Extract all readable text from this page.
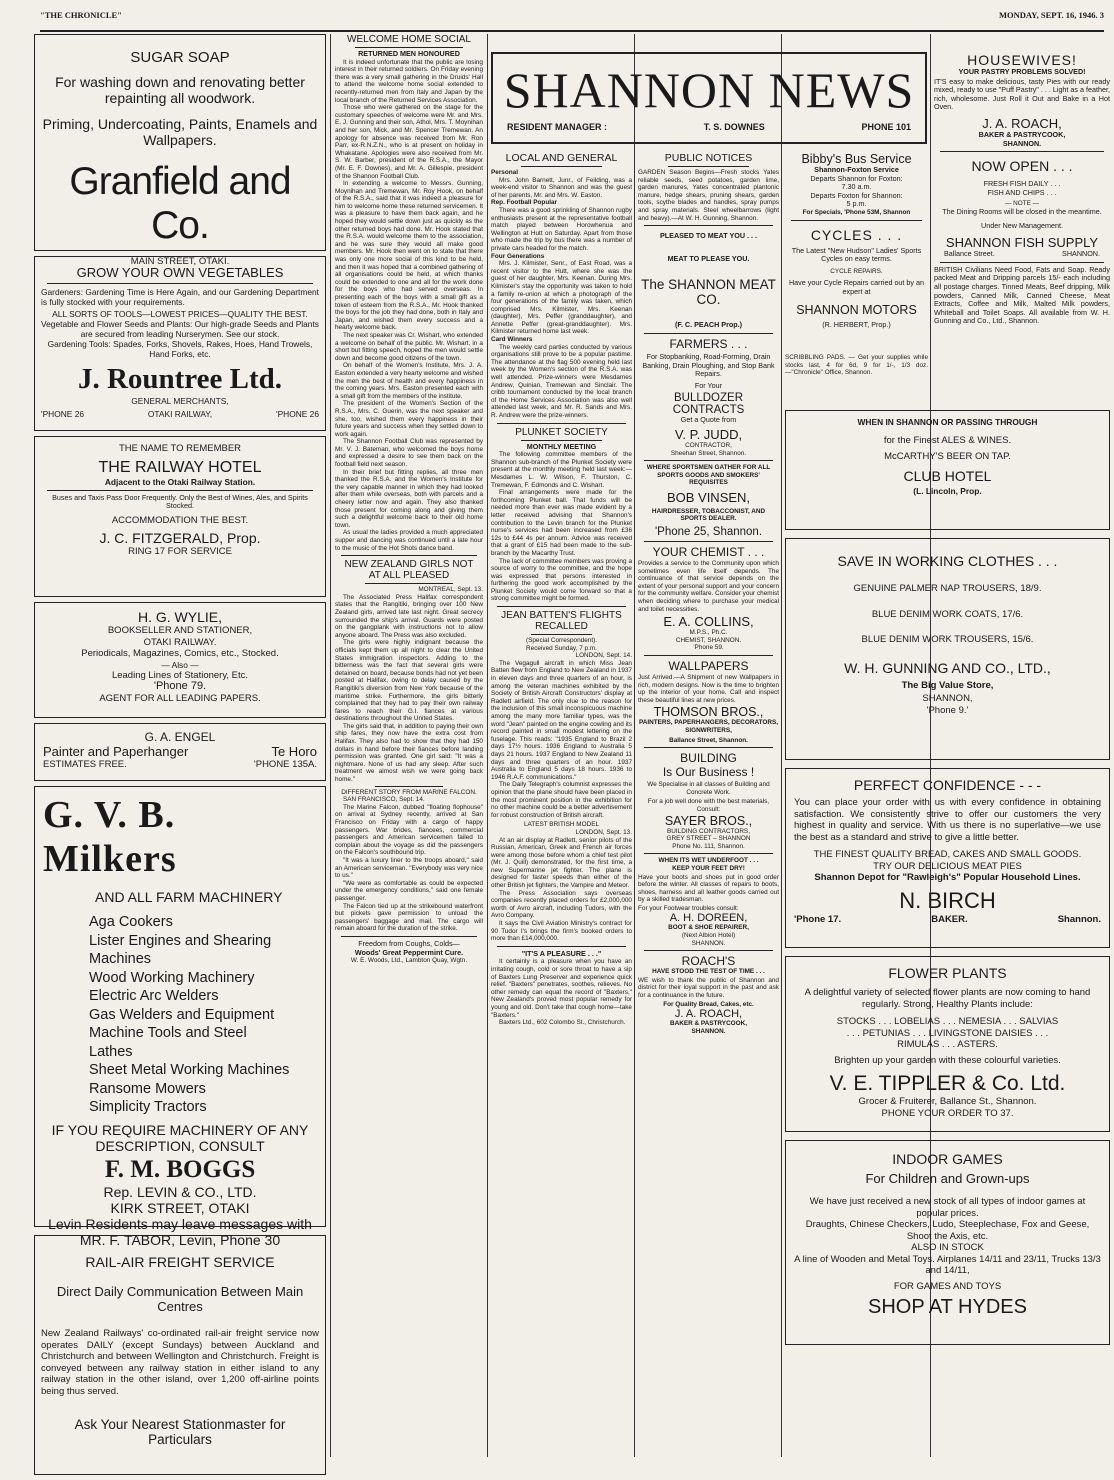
"THE CHRONICLE"	MONDAY, SEPT. 16, 1946. 3
SUGAR SOAP
For washing down and renovating better
repainting all woodwork.
Priming, Undercoating, Paints, Enamels and
Wallpapers.
Granfield and Co.
MAIN STREET, OTAKI.
GROW YOUR OWN VEGETABLES

Gardeners: Gardening Time is Here Again, and our Gardening Department is fully stocked with your requirements.

ALL SORTS OF TOOLS—LOWEST PRICES—QUALITY THE BEST.

Vegetable and Flower Seeds and Plants: Our high-grade Seeds and Plants are secured from leading Nurserymen. See our stock.

Gardening Tools: Spades, Forks, Shovels, Rakes, Hoes, Hand Trowels, Hand Forks, etc.

J. Rountree Ltd.
GENERAL MERCHANTS,
'PHONE 26	OTAKI RAILWAY,	'PHONE 26
THE NAME TO REMEMBER
THE RAILWAY HOTEL
Adjacent to the Otaki Railway Station.
Buses and Taxis Pass Door Frequently. Only the Best of Wines, Ales, and Spirits Stocked.
ACCOMMODATION THE BEST.
J. C. FITZGERALD, Prop.
RING 17 FOR SERVICE
H. G. WYLIE,
BOOKSELLER AND STATIONER,
OTAKI RAILWAY.
Periodicals, Magazines, Comics, etc., Stocked.
— Also —
Leading Lines of Stationery, Etc.
'Phone 79.
AGENT FOR ALL LEADING PAPERS.
G. A. ENGEL
Painter and Paperhanger	Te Horo
ESTIMATES FREE.	'PHONE 135A.
G. V. B. Milkers
AND ALL FARM MACHINERY
Aga Cookers
Lister Engines and Shearing Machines
Wood Working Machinery
Electric Arc Welders
Gas Welders and Equipment
Machine Tools and Steel
Lathes
Sheet Metal Working Machines
Ransome Mowers
Simplicity Tractors
IF YOU REQUIRE MACHINERY OF ANY
DESCRIPTION, CONSULT
F. M. BOGGS
Rep. LEVIN & CO., LTD.
KIRK STREET, OTAKI
Levin Residents may leave messages with
MR. F. TABOR, Levin, Phone 30
RAIL-AIR FREIGHT SERVICE
Direct Daily Communication Between Main Centres

New Zealand Railways' co-ordinated rail-air freight service now operates DAILY (except Sundays) between Auckland and Christchurch and between Wellington and Christchurch. Freight is conveyed between any railway station in either island to any railway station in the other island, over 1,200 off-airline points being thus served.

Ask Your Nearest Stationmaster for Particulars
WELCOME HOME SOCIAL
RETURNED MEN HONOURED

It is indeed unfortunate that the public are losing interest in their returned soldiers. On Friday evening there was a very small gathering in the Druids' Hall to attend the welcome home social extended to recently-returned men from Italy and Japan by the local branch of the Returned Services Association.

Those who were gathered on the stage for the customary speeches of welcome were Mr. and Mrs. E. J. Gunning and their son, Athol, Mrs. T. Moynihan and her son, Mick, and Mr. Spencer Tremewan. An apology for absence was received from Mr. Ron Parr, ex-R.N.Z.N., who is at present on holiday in Whakatane. Apologies were also received from Mr. S. W. Barber, president of the R.S.A., the Mayor (Mr. E. F. Downes), and Mr. A. Gillespie, president of the Shannon Football Club.

In extending a welcome to Messrs. Gunning, Moynihan and Tremewan, Mr. Roy Hook, on behalf of the R.S.A., said that it was indeed a pleasure for him to welcome home these returned servicemen. It was a pleasure to have them back again, and he hoped they would settle down just as quickly as the other returned boys had done. Mr. Hook stated that the R.S.A. would welcome them to the association, and he was sure they would all make good members. Mr. Hook then went on to state that there was only one more social of this kind to be held, and then it was hoped that a combined gathering of all organisations could be held, at which thanks could be extended to one and all for the work done for the boys who had served overseas. In presenting each of the boys with a small gift as a token of esteem from the R.S.A., Mr. Hook thanked the boys for the job they had done, both in Italy and Japan, and wished them every success and a hearty welcome back.

The next speaker was Cr. Wishart, who extended a welcome on behalf of the public. Mr. Wishart, in a short but fitting speech, hoped the men would settle down and become good citizens of the town.

On behalf of the Women's Institute, Mrs. J. A. Easton extended a very hearty welcome and wished the men the best of health and every happiness in the coming years. Mrs. Easton presented each with a small gift from the members of the institute.

The president of the Women's Section of the R.S.A., Mrs. C. Guerin, was the next speaker and she, too, wished them every happiness in their future years and success when they settled down to work again.

The Shannon Football Club was represented by Mr. V. J. Bateman, who welcomed the boys home and expressed a desire to see them back on the football field next season.

In their brief but fitting replies, all three men thanked the R.S.A. and the Women's Institute for the very capable manner in which they had looked after them while overseas, both with parcels and a cheery letter now and again. They also thanked those present for coming along and giving them such a delightful welcome back to their old home town.

As usual the ladies provided a much appreciated supper and dancing was continued until a late hour to the music of the Hot Shots dance band.

NEW ZEALAND GIRLS NOT AT ALL PLEASED
MONTREAL, Sept. 13.

The Associated Press Halifax correspondent states that the Rangitiki, bringing over 100 New Zealand girls, arrived late last night. Great secrecy surrounded the ship's arrival. Guards were posted on the gangplank with instructions not to allow anyone aboard. The Press was also excluded.

The girls were highly indignant because the officials kept them up all night to clear the United States immigration inspectors. Adding to the bitterness was the fact that several girls were detained on board, because bonds had not yet been posted at Halifax, owing to delay caused by the Rangitiki's diversion from New York because of the maritime strike. Furthermore, the girls bitterly complained that they had to pay their own railway fares to reach their G.I. fiances at various destinations throughout the United States.

The girls said that, in addition to paying their own ship fares, they now have the extra cost from Halifax. They also had to show that they had 150 dollars in hand before their fiances before landing permission was granted. One girl said: "It was a nightmare. None of us had any sleep. After such treatment we almost wish we were going back home."

DIFFERENT STORY FROM MARINE FALCON.

SAN FRANCISCO, Sept. 14.

The Marine Falcon, dubbed "floating flophouse" on arrival at Sydney recently, arrived at San Francisco on Friday with a cargo of happy passengers. War brides, fiancees, commercial passengers and American servicemen failed to complain about the voyage as did the passengers on the Falcon's southbound trip.

"It was a luxury liner to the troops aboard," said an American serviceman. "Everybody was very nice to us."

"We were as comfortable as could be expected under the emergency conditions," said one female passenger.

The Falcon tied up at the strikebound waterfront but pickets gave permission to unload the passengers' baggage and mail. The cargo will remain aboard for the duration of the strike.

Freedom from Coughs, Colds—
Woods' Great Peppermint Cure.
W. E. Woods, Ltd., Lambton Quay, Wgtn.
SHANNON NEWS
RESIDENT MANAGER :	T. S. DOWNES	PHONE 101
LOCAL AND GENERAL
Personal

Mrs. John Barnett, Junr., of Feilding, was a week-end visitor to Shannon and was the guest of her parents, Mr. and Mrs. W. Easton.

Rep. Football Popular

There was a good sprinkling of Shannon rugby enthusiasts present at the representative football match played between Horowhenua and Wellington at Hutt on Saturday. Apart from those who made the trip by bus there was a number of private cars headed for the match.

Four Generations

Mrs. J. Kilmister, Senr., of East Road, was a recent visitor to the Hutt, where she was the guest of her daughter, Mrs. Keenan. During Mrs. Kilmister's stay the opportunity was taken to hold a family re-union at which a photograph of the four generations of the family was taken, which comprised Mrs. Kilmister, Mrs. Keenan (daughter), Mrs. Peffer (granddaughter), and Annette Peffer (great-granddaughter). Mrs. Kilmister returned home last week.

Card Winners

The weekly card parties conducted by various organisations still prove to be a popular pastime. The attendance at the flag 500 evening held last week by the Women's section of the R.S.A. was well attended. Prize-winners were Mesdames Andrew, Quinian, Tremewan and Sinclair. The cribb tournament conducted by the local branch of the Home Services Association was also well attended last week, and Mr. R. Sands and Mrs. R. Andrew were the prize-winners.

PLUNKET SOCIETY
MONTHLY MEETING

The following committee members of the Shannon sub-branch of the Plunket Society were present at the monthly meeting held last week:—Mesdames L. W. Wilson, F. Thurston, C. Tremewan, F. Edmonds and C. Wishart.

Final arrangements were made for the forthcoming Plunket ball. That funds will be needed more than ever was made evident by a letter received advising that Shannon's contribution to the Levin branch for the Plunket nurse's services had been increased from £36 12s to £44 4s per annum. Advice was received that a grant of £15 had been made to the sub-branch by the Macarthy Trust.

The lack of committee members was proving a source of worry to the committee, and the hope was expressed that persons interested in furthering the good work accomplished by the Plunket Society would come forward so that a strong committee might be formed.

JEAN BATTEN'S FLIGHTS RECALLED
(Special Correspondent).
Received Sunday, 7 p.m.
LONDON, Sept. 14.

The Vegagull aircraft in which Miss Jean Batten flew from England to New Zealand in 1937 in eleven days and three quarters of an hour, is among the veteran machines exhibited by the Society of British Aircraft Constructors' display at Radlett airfield. The only clue to the reason for the inclusion of this small inconspicuous machine among the many more familiar types, was the word "Jean" painted on the engine cowling and its record painted in small modest lettering on the fuselage. This reads: "1935 England to Brazil 2 days 17½ hours. 1936 England to Australia 5 days 21 hours. 1937 England to New Zealand 11 days and three quarters of an hour. 1937 Australia to England 5 days 18 hours. 1936 to 1946 R.A.F. communications."

The Daily Telegraph's columnist expresses the opinion that the plane should have been placed in the most prominent position in the exhibition for no other machine could be a better advertisement for robust construction of British aircraft.

LATEST BRITISH MODEL
LONDON, Sept. 13.

At an air display at Radlett, senior pilots of the Russian, American, Greek and French air forces were among those before whom a chief test pilot (Mr. J. Quill) demonstrated, for the first time, a new Supermarine jet fighter. The plane is designed for faster speeds than either of the other British jet fighters, the Vampire and Meteor.

The Press Association says overseas companies recently placed orders for £2,000,000 worth of Avro aircraft, including Tudors, with the Avro Company.

It says the Civil Aviation Ministry's contract for 90 Tudor I's brings the firm's booked orders to more than £14,000,000.

"IT'S A PLEASURE . . ."

It certainly is a pleasure when you have an irritating cough, cold or sore throat to have a sip of Baxters Lung Preserver and experience quick relief. "Baxters" penetrates, soothes, relieves. No other remedy can equal the record of "Baxters," New Zealand's proved most popular remedy for young and old. Don't take that cough home—take "Baxters."

Baxters Ltd., 602 Colombo St., Christchurch.

PUBLIC NOTICES

GARDEN Season Begins—Fresh stocks Yates reliable seeds, seed potatoes, garden lime, garden manures, Yates concentrated plantonic manure, hedge shears, pruning shears, garden tools, scythe blades and handles, spray pumps and spray materials. Steel wheelbarrows (light and heavy).—At W. H. Gunning, Shannon.

PLEASED TO MEAT YOU . . .
MEAT TO PLEASE YOU.
The SHANNON MEAT CO.
(F. C. PEACH Prop.)
FARMERS . . .
For Stopbanking, Road-Forming, Drain Banking, Drain Ploughing, and Stop Bank Repairs.
For Your
BULLDOZER CONTRACTS
Get a Quote from
V. P. JUDD,
CONTRACTOR,
Sheehan Street, Shannon.
WHERE SPORTSMEN GATHER FOR ALL SPORTS GOODS AND SMOKERS' REQUISITES
BOB VINSEN,
HAIRDRESSER, TOBACCONIST, AND SPORTS DEALER.
'Phone 25, Shannon.
YOUR CHEMIST . . .

Provides a service to the Community upon which sometimes even life itself depends. The continuance of that service depends on the extent of your personal support and your concern for the community welfare. Consider your chemist when deciding where to purchase your medical and toilet necessities.

E. A. COLLINS,
M.P.S., Ph.C.
CHEMIST, SHANNON.
'Phone 59.
WALLPAPERS

Just Arrived.—A Shipment of new Wallpapers in rich, modern designs. Now is the time to brighten up the interior of your home. Call and inspect these beautiful lines at new prices.

THOMSON BROS.,
PAINTERS, PAPERHANGERS, DECORATORS, SIGNWRITERS,
Ballance Street, Shannon.
BUILDING
Is Our Business !
We Specialise in all classes of Building and Concrete Work.
For a job well done with the best materials, Consult:
SAYER BROS.,
BUILDING CONTRACTORS,
GREY STREET – SHANNON
Phone No. 111, Shannon.
WHEN ITS WET UNDERFOOT . . .
KEEP YOUR FEET DRY!

Have your boots and shoes put in good order before the winter. All classes of repairs to boots, shoes, harness and all leather goods carried out by a skilled tradesman.

For your Footwear troubles consult:
A. H. DOREEN,
BOOT & SHOE REPAIRER,
(Next Albion Hotel)
SHANNON.
ROACH'S
HAVE STOOD THE TEST OF TIME . . .

WE wish to thank the public of Shannon and district for their loyal support in the past and ask for a continuance in the future.

For Quality Bread, Cakes, etc.
J. A. ROACH,
BAKER & PASTRYCOOK,
SHANNON.
Bibby's Bus Service
Shannon-Foxton Service
Departs Shannon for Foxton:
7.30 a.m.
Departs Foxton for Shannon:
5 p.m.
For Specials, 'Phone 53M, Shannon
CYCLES . . .
The Latest "New Hudson" Ladies' Sports Cycles on easy terms.
CYCLE REPAIRS.
Have your Cycle Repairs carried out by an expert at
SHANNON MOTORS
(R. HERBERT, Prop.)
HOUSEWIVES!
YOUR PASTRY PROBLEMS SOLVED!

IT'S easy to make delicious, tasty Pies with our ready mixed, ready to use "Puff Pastry" . . . Light as a feather, rich, wholesome. Just Roll it Out and Bake in a Hot Oven.

J. A. ROACH,
BAKER & PASTRYCOOK,
SHANNON.
NOW OPEN . . .
FRESH FISH DAILY . . .
FISH AND CHIPS . . .
— NOTE —
The Dining Rooms will be closed in the meantime.
Under New Management.
SHANNON FISH SUPPLY
Ballance Street.	SHANNON.

BRITISH Civilians Need Food, Fats and Soap. Ready packed Meat and Dripping parcels 15/- each including all postage charges. Tinned Meats, Beef dripping, Milk powders, Canned Milk, Canned Cheese, Meat Extracts, Coffee and Milk, Malted Milk powders, Whiteball and Toilet Soaps. All available from W. H. Gunning and Co., Ltd., Shannon.

SCRIBBLING PADS. — Get your supplies while stocks last, 4 for 6d, 9 for 1/-, 1/3 doz.—"Chronicle" Office, Shannon.
WHEN IN SHANNON OR PASSING THROUGH
for the Finest ALES & WINES.
McCARTHY'S BEER ON TAP.
CLUB HOTEL
(L. Lincoln, Prop.
SAVE IN WORKING CLOTHES . . .
GENUINE PALMER NAP TROUSERS, 18/9.
BLUE DENIM WORK COATS, 17/6.
BLUE DENIM WORK TROUSERS, 15/6.
W. H. GUNNING AND CO., LTD.,
The Big Value Store,
SHANNON,
'Phone 9.'
PERFECT CONFIDENCE - - -

You can place your order with us with every confidence in obtaining satisfaction. We consistently strive to offer our customers the very highest in quality and service. With us there is no superlative—we use the best as a standard and strive to give a little better.

THE FINEST QUALITY BREAD, CAKES AND SMALL GOODS.
TRY OUR DELICIOUS MEAT PIES
Shannon Depot for "Rawleigh's" Popular Household Lines.
N. BIRCH
'Phone 17.	BAKER.	Shannon.
FLOWER PLANTS
A delightful variety of selected flower plants are now coming to hand regularly. Strong, Healthy Plants include:
STOCKS . . . LOBELIAS . . . NEMESIA . . . SALVIAS
. . . PETUNIAS . . . LIVINGSTONE DAISIES . . .
RIMULAS . . . ASTERS.
Brighten up your garden with these colourful varieties.
V. E. TIPPLER & Co. Ltd.
Grocer & Fruiterer, Ballance St., Shannon.
PHONE YOUR ORDER TO 37.
INDOOR GAMES
For Children and Grown-ups
We have just received a new stock of all types of indoor games at popular prices.
Draughts, Chinese Checkers, Ludo, Steeplechase, Fox and Geese, Shoot the Axis, etc.
ALSO IN STOCK
A line of Wooden and Metal Toys. Airplanes 14/11 and 23/11, Trucks 13/3 and 14/11,
FOR GAMES AND TOYS
SHOP AT HYDES
